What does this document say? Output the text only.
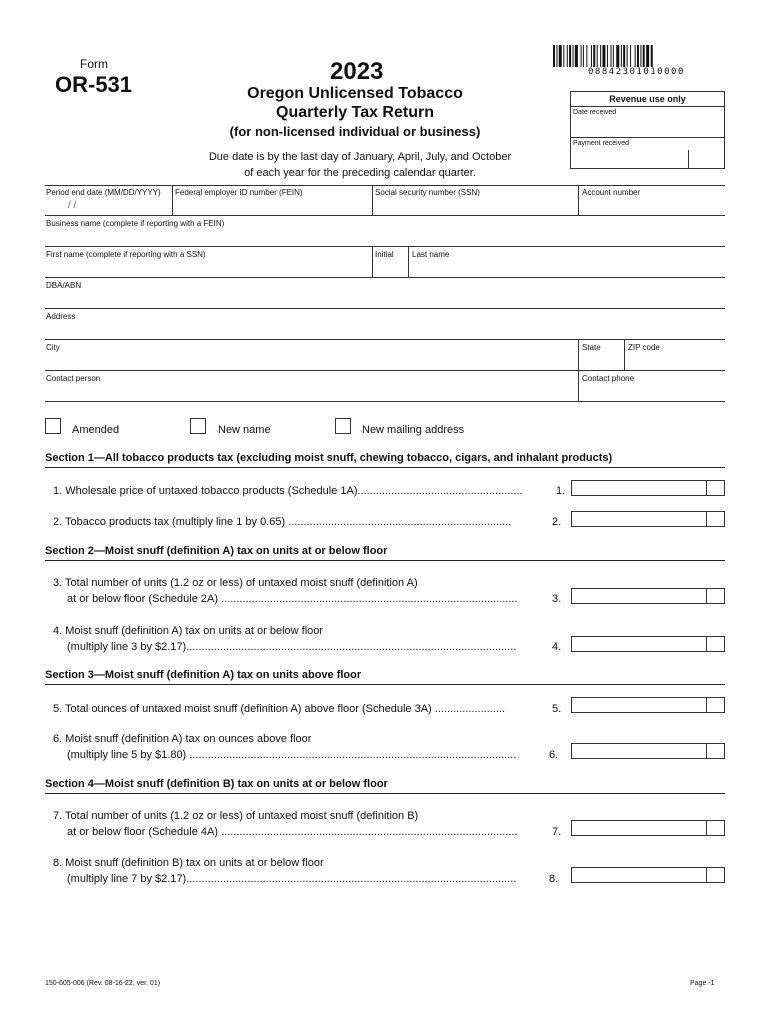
Form
OR-531	2023
Oregon Unlicensed Tobacco
Quarterly Tax Return
(for non-licensed individual or business)
Due date is by the last day of January, April, July, and October
of each year for the preceding calendar quarter.
08842301010000
Revenue use only
Date received
Payment received
Period end date (MM/DD/YYYY)
/ /
Federal employer ID number (FEIN)	Social security number (SSN)	Account number
Business name (complete if reporting with a FEIN)
First name (complete if reporting with a SSN)	Initial Last name
DBA/ABN
Address
City	State	ZIP code
Contact person	Contact phone
Amended	New name	New mailing address
Section 1—All tobacco products tax (excluding moist snuff, chewing tobacco, cigars, and inhalant products)
1. Wholesale price of untaxed tobacco products (Schedule 1A)......................................................	1.
2. Tobacco products tax (multiply line 1 by 0.65) .........................................................................	2.
Section 2—Moist snuff (definition A) tax on units at or below floor
3. Total number of units (1.2 oz or less) of untaxed moist snuff (definition A)
at or below floor (Schedule 2A) .................................................................................................	3.
4. Moist snuff (definition A) tax on units at or below floor
(multiply line 3 by $2.17)............................................................................................................	4.
Section 3—Moist snuff (definition A) tax on units above floor
5. Total ounces of untaxed moist snuff (definition A) above floor (Schedule 3A) .......................	5.
6. Moist snuff (definition A) tax on ounces above floor
(multiply line 5 by $1.80) ...........................................................................................................	6.
Section 4—Moist snuff (definition B) tax on units at or below floor
7. Total number of units (1.2 oz or less) of untaxed moist snuff (definition B)
at or below floor (Schedule 4A) .................................................................................................	7.
8. Moist snuff (definition B) tax on units at or below floor
(multiply line 7 by $2.17)............................................................................................................	8.
150-605-006 (Rev. 08-16-22, ver. 01)	Page -1
